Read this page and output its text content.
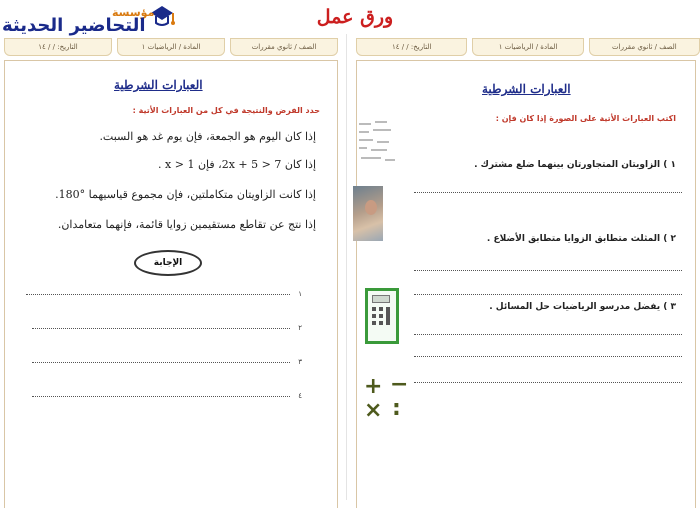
مؤسسة
التحاضير الحديثة	ورق عمل
الصف / ثانوي مقررات
المادة / الرياضيات ١
التاريخ: / / ١٤
العبارات الشرطية
حدد الفرض والنتيجة في كل من العبارات الأتية :
إذا كان اليوم هو الجمعة، فإن يوم غد هو السبت.
إذا كان 2x + 5 > 7، فإن x > 1 .
إذا كانت الزاويتان متكاملتين، فإن مجموع قياسيهما °180.
إذا نتج عن تقاطع مستقيمين زوايا قائمة، فإنهما متعامدان.
الإجابة
١
٢
٣
٤
الصف / ثانوي مقررات
المادة / الرياضيات ١
التاريخ: / / ١٤
العبارات الشرطية
اكتب العبارات الأتية على الصورة إذا كان فإن :
١ ) الزاويتان المتجاورتان بينهما ضلع مشترك .
٢ ) المثلث متطابق الزوايا متطابق الأضلاع .
٣ ) يفضل مدرسو الرياضيات حل المسائل .
+ −
× :
